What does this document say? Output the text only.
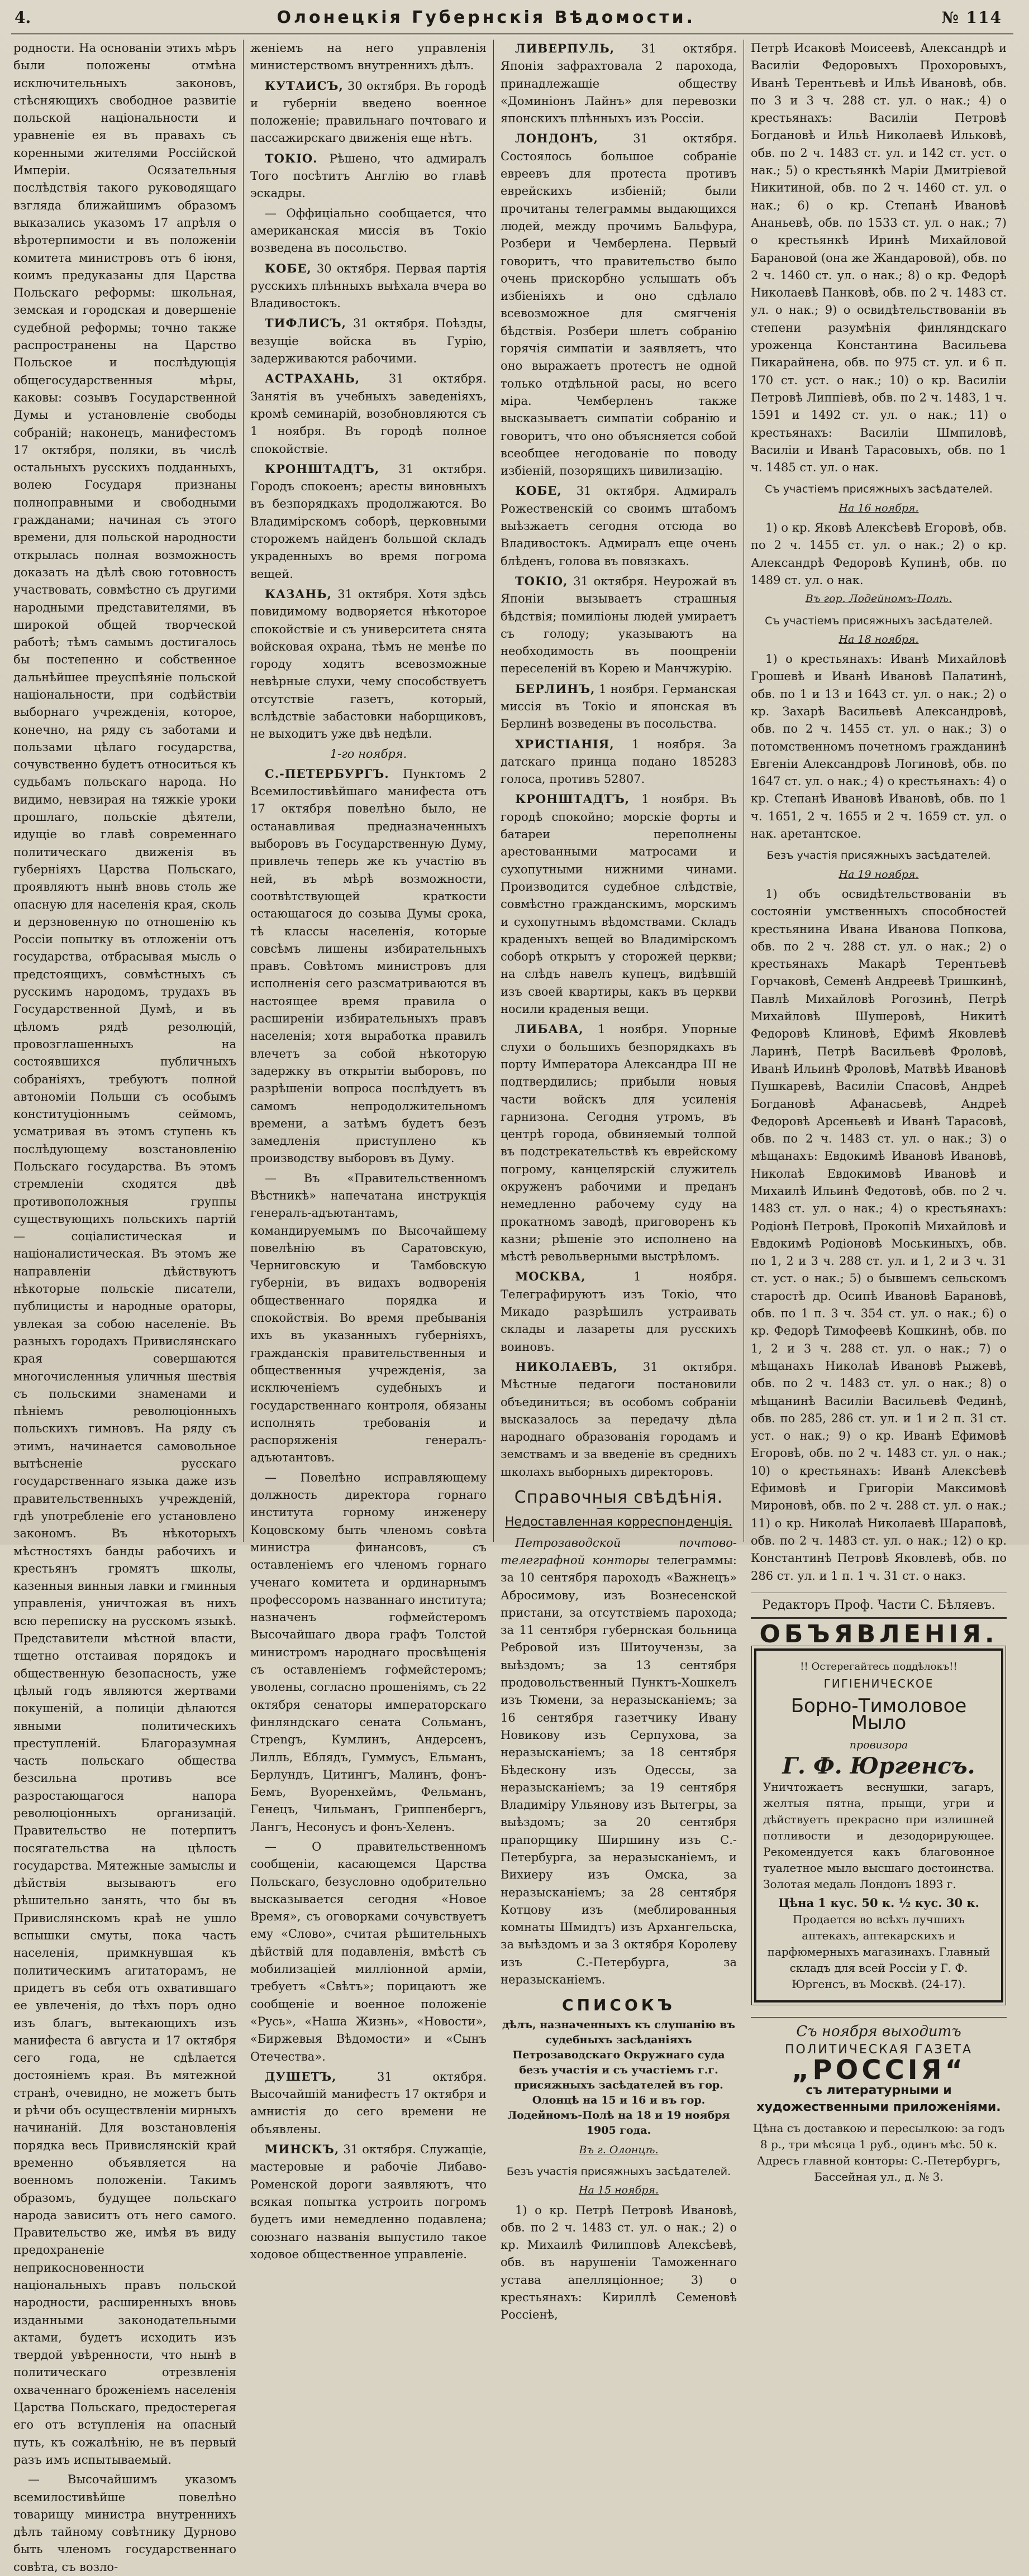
4.	Олонецкія Губернскія Вѣдомости.	№ 114

родности. На основаніи этихъ мѣръ были положены отмѣна исключительныхъ законовъ, стѣсняющихъ свободное развитіе польской національности и уравненіе ея въ правахъ съ коренными жителями Россійской Имперіи. Осязательныя послѣдствія такого руководящаго взгляда ближайшимъ образомъ выказались указомъ 17 апрѣля о вѣротерпимости и въ положеніи комитета министровъ отъ 6 іюня, коимъ предуказаны для Царства Польскаго реформы: школьная, земская и городская и довершеніе судебной реформы; точно также распространены на Царство Польское и послѣдующія общегосударственныя мѣры, каковы: созывъ Государственной Думы и установленіе свободы собраній; наконецъ, манифестомъ 17 октября, поляки, въ числѣ остальныхъ русскихъ подданныхъ, волею Государя признаны полноправными и свободными гражданами; начиная съ этого времени, для польской народности открылась полная возможность доказать на дѣлѣ свою готовность участвовать, совмѣстно съ другими народными представителями, въ широкой общей творческой работѣ; тѣмъ самымъ достигалось бы постепенно и собственное дальнѣйшее преуспѣяніе польской національности, при содѣйствіи выборнаго учрежденія, которое, конечно, на ряду съ заботами и пользами цѣлаго государства, сочувственно будетъ относиться къ судьбамъ польскаго народа. Но видимо, невзирая на тяжкіе уроки прошлаго, польскіе дѣятели, идущіе во главѣ современнаго политическаго движенія въ губерніяхъ Царства Польскаго, проявляютъ нынѣ вновь столь же опасную для населенія края, сколь и дерзновенную по отношенію къ Россіи попытку въ отложеніи отъ государства, отбрасывая мысль о предстоящихъ, совмѣстныхъ съ русскимъ народомъ, трудахъ въ Государственной Думѣ, и въ цѣломъ рядѣ резолюцій, провозглашенныхъ на состоявшихся публичныхъ собраніяхъ, требуютъ полной автономіи Польши съ особымъ конституціоннымъ сеймомъ, усматривая въ этомъ ступень къ послѣдующему возстановленію Польскаго государства. Въ этомъ стремленіи сходятся двѣ противоположныя группы существующихъ польскихъ партій — соціалистическая и націоналистическая. Въ этомъ же направленіи дѣйствуютъ нѣкоторые польскіе писатели, публицисты и народные ораторы, увлекая за собою населеніе. Въ разныхъ городахъ Привислянскаго края совершаются многочисленныя уличныя шествія съ польскими знаменами и пѣніемъ революціонныхъ польскихъ гимновъ. На ряду съ этимъ, начинается самовольное вытѣсненіе русскаго государственнаго языка даже изъ правительственныхъ учрежденій, гдѣ употребленіе его установлено закономъ. Въ нѣкоторыхъ мѣстностяхъ банды рабочихъ и крестьянъ громятъ школы, казенныя винныя лавки и гминныя управленія, уничтожая въ нихъ всю переписку на русскомъ языкѣ. Представители мѣстной власти, тщетно отстаивая порядокъ и общественную безопасность, уже цѣлый годъ являются жертвами покушеній, а полиціи дѣлаются явными политическихъ преступленій. Благоразумная часть польскаго общества безсильна противъ все разростающагося напора революціонныхъ организацій. Правительство не потерпитъ посягательства на цѣлость государства. Мятежные замыслы и дѣйствія вызываютъ его рѣшительно занять, что бы въ Привислянскомъ краѣ не ушло вспышки смуты, пока часть населенія, примкнувшая къ политическимъ агитаторамъ, не придетъ въ себя отъ охватившаго ее увлеченія, до тѣхъ поръ одно изъ благъ, вытекающихъ изъ манифеста 6 августа и 17 октября сего года, не сдѣлается достояніемъ края. Въ мятежной странѣ, очевидно, не можетъ быть и рѣчи объ осуществленіи мирныхъ начинаній. Для возстановленія порядка весь Привислянскій край временно объявляется на военномъ положеніи. Такимъ образомъ, будущее польскаго народа зависитъ отъ него самого. Правительство же, имѣя въ виду предохраненіе неприкосновенности національныхъ правъ польской народности, расширенныхъ вновь изданными законодательными актами, будетъ исходить изъ твердой увѣренности, что нынѣ в политическаго отрезвленія охваченнаго броженіемъ населенія Царства Польскаго, предостерегая его отъ вступленія на опасный путь, къ сожалѣнію, не въ первый разъ имъ испытываемый.

— Высочайшимъ указомъ всемилостивѣйше повелѣно товарищу министра внутреннихъ дѣлъ тайному совѣтнику Дурново быть членомъ государственнаго совѣта, съ возло-

женіемъ на него управленія министерствомъ внутреннихъ дѣлъ.

КУТАИСЪ, 30 октября. Въ городѣ и губерніи введено военное положеніе; правильнаго почтоваго и пассажирскаго движенія еще нѣтъ.

ТОКІО. Рѣшено, что адмиралъ Того посѣтитъ Англію во главѣ эскадры.

— Оффиціально сообщается, что американская миссія въ Токіо возведена въ посольство.

КОБЕ, 30 октября. Первая партія русскихъ плѣнныхъ выѣхала вчера во Владивостокъ.

ТИФЛИСЪ, 31 октября. Поѣзды, везущіе войска въ Гурію, задерживаются рабочими.

АСТРАХАНЬ, 31 октября. Занятія въ учебныхъ заведеніяхъ, кромѣ семинарій, возобновляются съ 1 ноября. Въ городѣ полное спокойствіе.

КРОНШТАДТЪ, 31 октября. Городъ спокоенъ; аресты виновныхъ въ безпорядкахъ продолжаются. Во Владимірскомъ соборѣ, церковными сторожемъ найденъ большой складъ украденныхъ во время погрома вещей.

КАЗАНЬ, 31 октября. Хотя здѣсь повидимому водворяется нѣкоторое спокойствіе и съ университета снята войсковая охрана, тѣмъ не менѣе по городу ходятъ всевозможные невѣрные слухи, чему способствуетъ отсутствіе газетъ, который, вслѣдствіе забастовки наборщиковъ, не выходитъ уже двѣ недѣли.

1-го ноября.

С.-ПЕТЕРБУРГЪ. Пунктомъ 2 Всемилостивѣйшаго манифеста отъ 17 октября повелѣно было, не останавливая предназначенныхъ выборовъ въ Государственную Думу, привлечь теперь же къ участію въ ней, въ мѣрѣ возможности, соотвѣтствующей краткости остающагося до созыва Думы срока, тѣ классы населенія, которые совсѣмъ лишены избирательныхъ правъ. Совѣтомъ министровъ для исполненія сего разсматриваются въ настоящее время правила о расширеніи избирательныхъ правъ населенія; хотя выработка правилъ влечетъ за собой нѣкоторую задержку въ открытіи выборовъ, по разрѣшеніи вопроса послѣдуетъ въ самомъ непродолжительномъ времени, а затѣмъ будетъ безъ замедленія приступлено къ производству выборовъ въ Думу.

— Въ «Правительственномъ Вѣстникѣ» напечатана инструкція генералъ-адъютантамъ, командируемымъ по Высочайшему повелѣнію въ Саратовскую, Черниговскую и Тамбовскую губерніи, въ видахъ водворенія общественнаго порядка и спокойствія. Во время пребыванія ихъ въ указанныхъ губерніяхъ, гражданскія правительственныя и общественныя учрежденія, за исключеніемъ судебныхъ и государственнаго контроля, обязаны исполнять требованія и распоряженія генералъ-адъютантовъ.

— Повелѣно исправляющему должность директора горнаго института горному инженеру Коцовскому быть членомъ совѣта министра финансовъ, съ оставленіемъ его членомъ горнаго ученаго комитета и ординарнымъ профессоромъ названнаго института; назначенъ гофмейстеромъ Высочайшаго двора графъ Толстой министромъ народнаго просвѣщенія съ оставленіемъ гофмейстеромъ; уволены, согласно прошеніямъ, съ 22 октября сенаторы императорскаго финляндскаго сената Сольманъ, Стрengъ, Кумлинъ, Андерсенъ, Лилль, Еблядъ, Гуммусъ, Ельманъ, Берлундъ, Цитингъ, Малинъ, фонъ-Бемъ, Вуоренхеймъ, Фельманъ, Генецъ, Чильманъ, Гриппенбергъ, Лангъ, Несонусъ и фонъ-Хеленъ.

— О правительственномъ сообщеніи, касающемся Царства Польскаго, безусловно одобрительно высказывается сегодня «Новое Время», съ оговорками сочувствуетъ ему «Слово», считая рѣшительныхъ дѣйствій для подавленія, вмѣстѣ съ мобилизаціей милліонной арміи, требуетъ «Свѣтъ»; порицаютъ же сообщеніе и военное положеніе «Русь», «Наша Жизнь», «Новости», «Биржевыя Вѣдомости» и «Сынъ Отечества».

ДУШЕТЪ,	31 октября. Высочайшій манифестъ 17 октября и амнистія до сего времени не объявлены.

МИНСКЪ, 31 октября. Служащіе, мастеровые и рабочіе Либаво-Роменской дороги заявляютъ, что всякая попытка устроить погромъ будетъ ими немедленно подавлена; союзнаго названія выпустило такое ходовое общественное управленіе.

ЛИВЕРПУЛЬ, 31 октября. Японія зафрахтовала 2 парохода, принадлежащіе обществу «Доминіонъ Лайнъ» для перевозки японскихъ плѣнныхъ изъ Россіи.

ЛОНДОНЪ,	31 октября. Состоялось большое собраніе евреевъ для протеста противъ еврейскихъ избіеній; были прочитаны телеграммы выдающихся людей, между прочимъ Бальфура, Розбери и Чемберлена. Первый говоритъ, что правительство было очень прискорбно услышать объ избіеніяхъ и оно сдѣлало всевозможное для смягченія бѣдствія. Розбери шлетъ собранію горячія симпатіи и заявляетъ, что оно выражаетъ протестъ не одной только отдѣльной расы, но всего міра. Чемберленъ также высказываетъ симпатіи собранію и говоритъ, что оно объясняется собой всеобщее негодованіе по поводу избіеній, позорящихъ цивилизацію.

КОБЕ, 31 октября. Адмиралъ Рожественскій со своимъ штабомъ выѣзжаетъ сегодня отсюда во Владивостокъ. Адмиралъ еще очень блѣденъ, голова въ повязкахъ.

ТОКІО, 31 октября. Неурожай въ Японіи вызываетъ страшныя бѣдствія; помиліоны людей умираетъ съ голоду; указываютъ на необходимость въ поощреніи переселеній въ Корею и Манчжурію.

БЕРЛИНЪ, 1 ноября. Германская миссія въ Токіо и японская въ Берлинѣ возведены въ посольства.

ХРИСТІАНІЯ, 1 ноября. За датскаго принца подано 185283 голоса, противъ 52807.

КРОНШТАДТЪ, 1 ноября. Въ городѣ спокойно; морскіе форты и батареи переполнены арестованными матросами и сухопутными нижними чинами. Производится судебное слѣдствіе, совмѣстно гражданскимъ, морскимъ и сухопутнымъ вѣдомствами. Складъ краденыхъ вещей во Владимірскомъ соборѣ открытъ у сторожей церкви; на слѣдъ навелъ купецъ, видѣвшій изъ своей квартиры, какъ въ церкви носили краденыя вещи.

ЛИБАВА, 1 ноября. Упорные слухи о большихъ безпорядкахъ въ порту Императора Александра III не подтвердились; прибыли новыя части войскъ для усиленія гарнизона. Сегодня утромъ, въ центрѣ города, обвиняемый толпой въ подстрекательствѣ къ еврейскому погрому, канцелярскій служитель окруженъ рабочими и преданъ немедленно рабочему суду на прокатномъ заводѣ, приговоренъ къ казни; рѣшеніе это исполнено на мѣстѣ револьверными выстрѣломъ.

МОСКВА,	1 ноября. Телеграфируютъ изъ Токіо, что Микадо разрѣшилъ устраивать склады и лазареты для русскихъ воиновъ.

НИКОЛАЕВЪ, 31 октября. Мѣстные педагоги постановили объединиться; въ особомъ собраніи высказалось за передачу дѣла народнаго образованія городамъ и земствамъ и за введеніе въ среднихъ школахъ выборныхъ директоровъ.

Справочныя свѣдѣнія.
Недоставленная корреспонденція.

Петрозаводской почтово-телеграфной конторы телеграммы: за 10 сентября пароходъ «Важнецъ» Абросимову, изъ Вознесенской пристани, за отсутствіемъ парохода; за 11 сентября губернская больница Ребровой изъ Шитоучензы, за выѣздомъ; за 13 сентября продовольственный Пунктъ-Хошкелъ изъ Тюмени, за неразысканіемъ; за 16 сентября газетчику Ивану Новикову изъ Серпухова, за неразысканіемъ; за 18 сентября Бѣдескону изъ Одессы, за неразысканіемъ; за 19 сентября Владиміру Ульянову изъ Вытегры, за выѣздомъ; за 20 сентября прапорщику Ширшину изъ С.-Петербурга, за неразысканіемъ, и Вихиеру изъ Омска, за неразысканіемъ; за 28 сентября Котцову изъ (меблированныя комнаты Шмидтъ) изъ Архангельска, за выѣздомъ и за 3 октября Королеву изъ С.-Петербурга, за неразысканіемъ.

СПИСОКЪ
дѣлъ, назначенныхъ къ слушанію въ судебныхъ засѣданіяхъ Петрозаводскаго Окружнаго суда безъ участія и съ участіемъ г.г. присяжныхъ засѣдателей въ гор. Олонцѣ на 15 и 16 и въ гор. Лодейномъ-Полѣ на 18 и 19 ноября 1905 года.
Въ г. Олонцѣ.
Безъ участія присяжныхъ засѣдателей.
На 15 ноября.

1) о кр. Петрѣ Петровѣ Ивановѣ, обв. по 2 ч. 1483 ст. ул. о нак.; 2) о кр. Михаилѣ Филипповѣ Алексѣевѣ, обв. въ нарушеніи Таможеннаго устава апелляціонное; 3) о крестьянахъ: Кириллѣ Семеновѣ Россіенѣ,

Петрѣ Исаковѣ Моисеевѣ, Александрѣ и Василіи Федоровыхъ Прохоровыхъ, Иванѣ Терентьевѣ и Ильѣ Ивановѣ, обв. по 3 и 3 ч. 288 ст. ул. о нак.; 4) о крестьянахъ: Василіи Петровѣ Богдановѣ и Ильѣ Николаевѣ Ильковѣ, обв. по 2 ч. 1483 ст. ул. и 142 ст. уст. о нак.; 5) о крестьянкѣ Маріи Дмитріевой Никитиной, обв. по 2 ч. 1460 ст. ул. о нак.; 6) о кр. Степанѣ Ивановѣ Ананьевѣ, обв. по 1533 ст. ул. о нак.; 7) о крестьянкѣ Иринѣ Михайловой Барановой (она же Жандаровой), обв. по 2 ч. 1460 ст. ул. о нак.; 8) о кр. Федорѣ Николаевѣ Панковѣ, обв. по 2 ч. 1483 ст. ул. о нак.; 9) о освидѣтельствованіи въ степени разумѣнія финляндскаго уроженца Константина Васильева Пикарайнена, обв. по 975 ст. ул. и 6 п. 170 ст. уст. о нак.; 10) о кр. Василіи Петровѣ Липпіевѣ, обв. по 2 ч. 1483, 1 ч. 1591 и 1492 ст. ул. о нак.; 11) о крестьянахъ: Василіи Шмпиловѣ, Василіи и Иванѣ Тарасовыхъ, обв. по 1 ч. 1485 ст. ул. о нак.

Съ участіемъ присяжныхъ засѣдателей.
На 16 ноября.

1) о кр. Яковѣ Алексѣевѣ Егоровѣ, обв. по 2 ч. 1455 ст. ул. о нак.; 2) о кр. Александрѣ Федоровѣ Купинѣ, обв. по 1489 ст. ул. о нак.

Въ гор. Лодейномъ-Полѣ.
Съ участіемъ присяжныхъ засѣдателей.
На 18 ноября.

1) о крестьянахъ: Иванѣ Михайловѣ Грошевѣ и Иванѣ Ивановѣ Палатинѣ, обв. по 1 и 13 и 1643 ст. ул. о нак.; 2) о кр. Захарѣ Васильевѣ Александровѣ, обв. по 2 ч. 1455 ст. ул. о нак.; 3) о потомственномъ почетномъ гражданинѣ Евгеніи Александровѣ Логиновѣ, обв. по 1647 ст. ул. о нак.; 4) о крестьянахъ: 4) о кр. Степанѣ Ивановѣ Ивановѣ, обв. по 1 ч. 1651, 2 ч. 1655 и 2 ч. 1659 ст. ул. о нак. аретантское.

Безъ участія присяжныхъ засѣдателей.
На 19 ноября.

1) объ освидѣтельствованіи въ состояніи умственныхъ способностей крестьянина Ивана Иванова Попкова, обв. по 2 ч. 288 ст. ул. о нак.; 2) о крестьянахъ Макарѣ Терентьевѣ Горчаковѣ, Семенѣ Андреевѣ Тришкинѣ, Павлѣ Михайловѣ Рогозинѣ, Петрѣ Михайловѣ Шушеровѣ, Никитѣ Федоровѣ Клиновѣ, Ефимѣ Яковлевѣ Ларинѣ, Петрѣ Васильевѣ Фроловѣ, Иванѣ Ильинѣ Фроловѣ, Матвѣѣ Ивановѣ Пушкаревѣ, Василіи Спасовѣ, Андреѣ Богдановѣ Афанасьевѣ, Андреѣ Федоровѣ Арсеньевѣ и Иванѣ Тарасовѣ, обв. по 2 ч. 1483 ст. ул. о нак.; 3) о мѣщанахъ: Евдокимѣ Ивановѣ Ивановѣ, Николаѣ Евдокимовѣ Ивановѣ и Михаилѣ Ильинѣ Федотовѣ, обв. по 2 ч. 1483 ст. ул. о нак.; 4) о крестьянахъ: Родіонѣ Петровѣ, Прокопіѣ Михайловѣ и Евдокимѣ Родіоновѣ Моськиныхъ, обв. по 1, 2 и 3 ч. 288 ст. ул. и 1, 2 и 3 ч. 31 ст. уст. о нак.; 5) о бывшемъ сельскомъ старостѣ др. Осипѣ Ивановѣ Барановѣ, обв. по 1 п. 3 ч. 354 ст. ул. о нак.; 6) о кр. Федорѣ Тимофеевѣ Кошкинѣ, обв. по 1, 2 и 3 ч. 288 ст. ул. о нак.; 7) о мѣщанахъ Николаѣ Ивановѣ Рыжевѣ, обв. по 2 ч. 1483 ст. ул. о нак.; 8) о мѣщанинѣ Василіи Васильевѣ Фединѣ, обв. по 285, 286 ст. ул. и 1 и 2 п. 31 ст. уст. о нак.; 9) о кр. Иванѣ Ефимовѣ Егоровѣ, обв. по 2 ч. 1483 ст. ул. о нак.; 10) о крестьянахъ: Иванѣ Алексѣевѣ Ефимовѣ и Григоріи Максимовѣ Мироновѣ, обв. по 2 ч. 288 ст. ул. о нак.; 11) о кр. Николаѣ Николаевѣ Шараповѣ, обв. по 2 ч. 1483 ст. ул. о нак.; 12) о кр. Константинѣ Петровѣ Яковлевѣ, обв. по 286 ст. ул. и 1 п. 1 ч. 31 ст. о накз.

Редакторъ Проф. Части С. Бѣляевъ.
ОБЪЯВЛЕНІЯ.
!! Остерегайтесь поддѣлокъ!!
ГИГІЕНИЧЕСКОЕ
Борно-Тимоловое Мыло
провизора
Г. Ф. Юргенсъ.
Уничтожаетъ веснушки, загаръ, желтыя пятна, прыщи, угри и дѣйствуетъ прекрасно при излишней потливости и дезодорирующее. Рекомендуется какъ благовонное туалетное мыло высшаго достоинства. Золотая медаль Лондонъ 1893 г.
Цѣна 1 кус. 50 к. ½ кус. 30 к.
Продается во всѣхъ лучшихъ аптекахъ, аптекарскихъ и парфюмерныхъ магазинахъ. Главный складъ для всей Россіи у Г. Ф. Юргенсъ, въ Москвѣ. (24-17).
Съ ноября выходитъ
ПОЛИТИЧЕСКАЯ ГАЗЕТА
„РОССІЯ“
съ литературными и художественными приложеніями.
Цѣна съ доставкою и пересылкою: за годъ 8 р., три мѣсяца 1 руб., одинъ мѣс. 50 к. Адресъ главной конторы: С.-Петербургъ, Бассейная ул., д. № 3.
